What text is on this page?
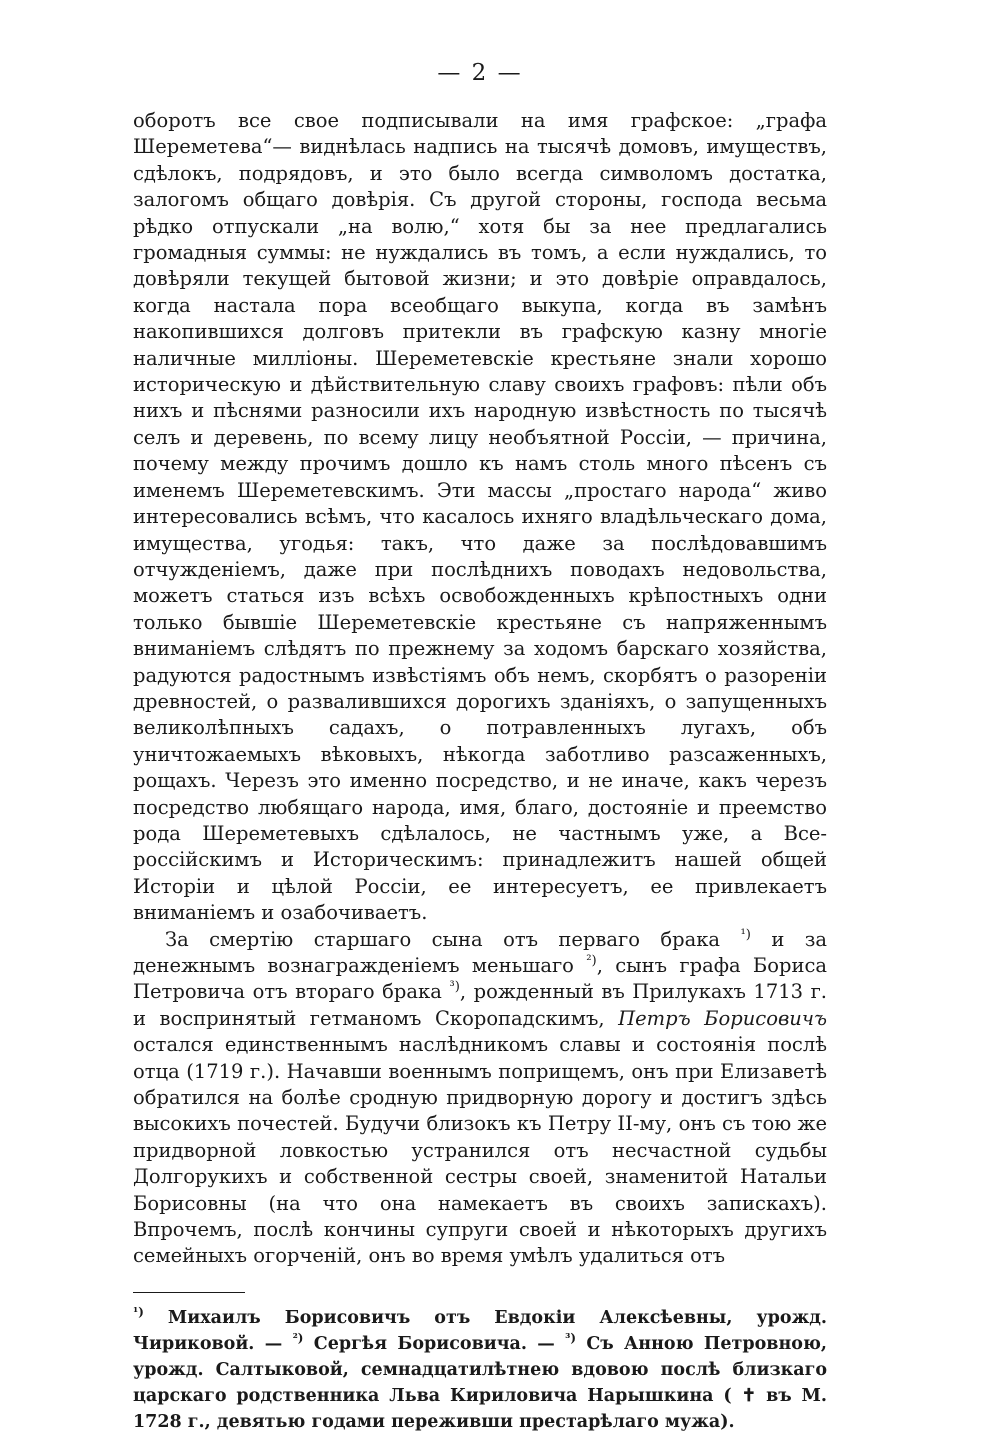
— 2 —

оборотъ все свое подписывали на имя графское: „графа Шереметева“— виднѣлась надпись на тысячѣ домовъ, имуществъ, сдѣлокъ, подрядовъ, и это было всегда символомъ достатка, залогомъ общаго довѣрія. Съ другой стороны, господа весьма рѣдко отпускали „на волю,“ хотя бы за нее предлагались громадныя суммы: не нуждались въ томъ, а если нуждались, то довѣряли текущей бытовой жизни; и это довѣріе оправдалось, когда настала пора всеобщаго выкупа, когда въ замѣнъ накопившихся долговъ притекли въ графскую казну многіе наличные милліоны. Шереметевскіе крестьяне знали хорошо историческую и дѣйствительную славу своихъ графовъ: пѣли объ нихъ и пѣснями разносили ихъ народную извѣстность по тысячѣ селъ и деревень, по всему лицу необъятной Россіи, — причина, почему между прочимъ дошло къ намъ столь много пѣсенъ съ именемъ Шереметевскимъ. Эти массы „простаго народа“ живо интересовались всѣмъ, что касалось ихняго владѣльческаго дома, имущества, угодья: такъ, что даже за послѣдовавшимъ отчужденіемъ, даже при послѣднихъ поводахъ недовольства, можетъ статься изъ всѣхъ освобожденныхъ крѣпостныхъ одни только бывшіе Шереметевскіе крестьяне съ напряженнымъ вниманіемъ слѣдятъ по прежнему за ходомъ барскаго хозяйства, радуются радостнымъ извѣстіямъ объ немъ, скорбятъ о разореніи древностей, о развалившихся дорогихъ зданіяхъ, о запущенныхъ великолѣпныхъ садахъ, о потравленныхъ лугахъ, объ уничтожаемыхъ вѣковыхъ, нѣкогда заботливо разсаженныхъ, рощахъ. Черезъ это именно посредство, и не иначе, какъ черезъ посредство любящаго народа, имя, благо, достояніе и преемство рода Шереметевыхъ сдѣлалось, не частнымъ уже, а Все-россійскимъ и Историческимъ: принадлежитъ нашей общей Исторіи и цѣлой Россіи, ее интересуетъ, ее привлекаетъ вниманіемъ и озабочиваетъ.

За смертію старшаго сына отъ перваго брака $^{^1)}$ и за денежнымъ вознагражденіемъ меньшаго $^{^2)}$, сынъ графа Бориса Петровича отъ втораго брака $^{^3)}$, рожденный въ Прилукахъ 1713 г. и воспринятый гетманомъ Скоропадскимъ, Петръ Борисовичъ остался единственнымъ наслѣдникомъ славы и состоянія послѣ отца (1719 г.). Начавши военнымъ поприщемъ, онъ при Елизаветѣ обратился на болѣе сродную придворную дорогу и достигъ здѣсь высокихъ почестей. Будучи близокъ къ Петру II-му, онъ съ тою же придворной ловкостью устранился отъ несчастной судьбы Долгорукихъ и собственной сестры своей, знаменитой Натальи Борисовны (на что она намекаетъ въ своихъ запискахъ). Впрочемъ, послѣ кончины супруги своей и нѣкоторыхъ другихъ семейныхъ огорченій, онъ во время умѣлъ удалиться отъ

$^{^1)}$ Михаилъ Борисовичъ отъ Евдокіи Алексѣевны, урожд. Чириковой. — $^{^2)}$ Сергѣя Борисовича. — $^{^3)}$ Съ Анною Петровною, урожд. Салтыковой, семнадцатилѣтнею вдовою послѣ близкаго царскаго родственника Льва Кириловича Нарышкина ( ✝ въ М. 1728 г., девятью годами переживши престарѣлаго мужа).
